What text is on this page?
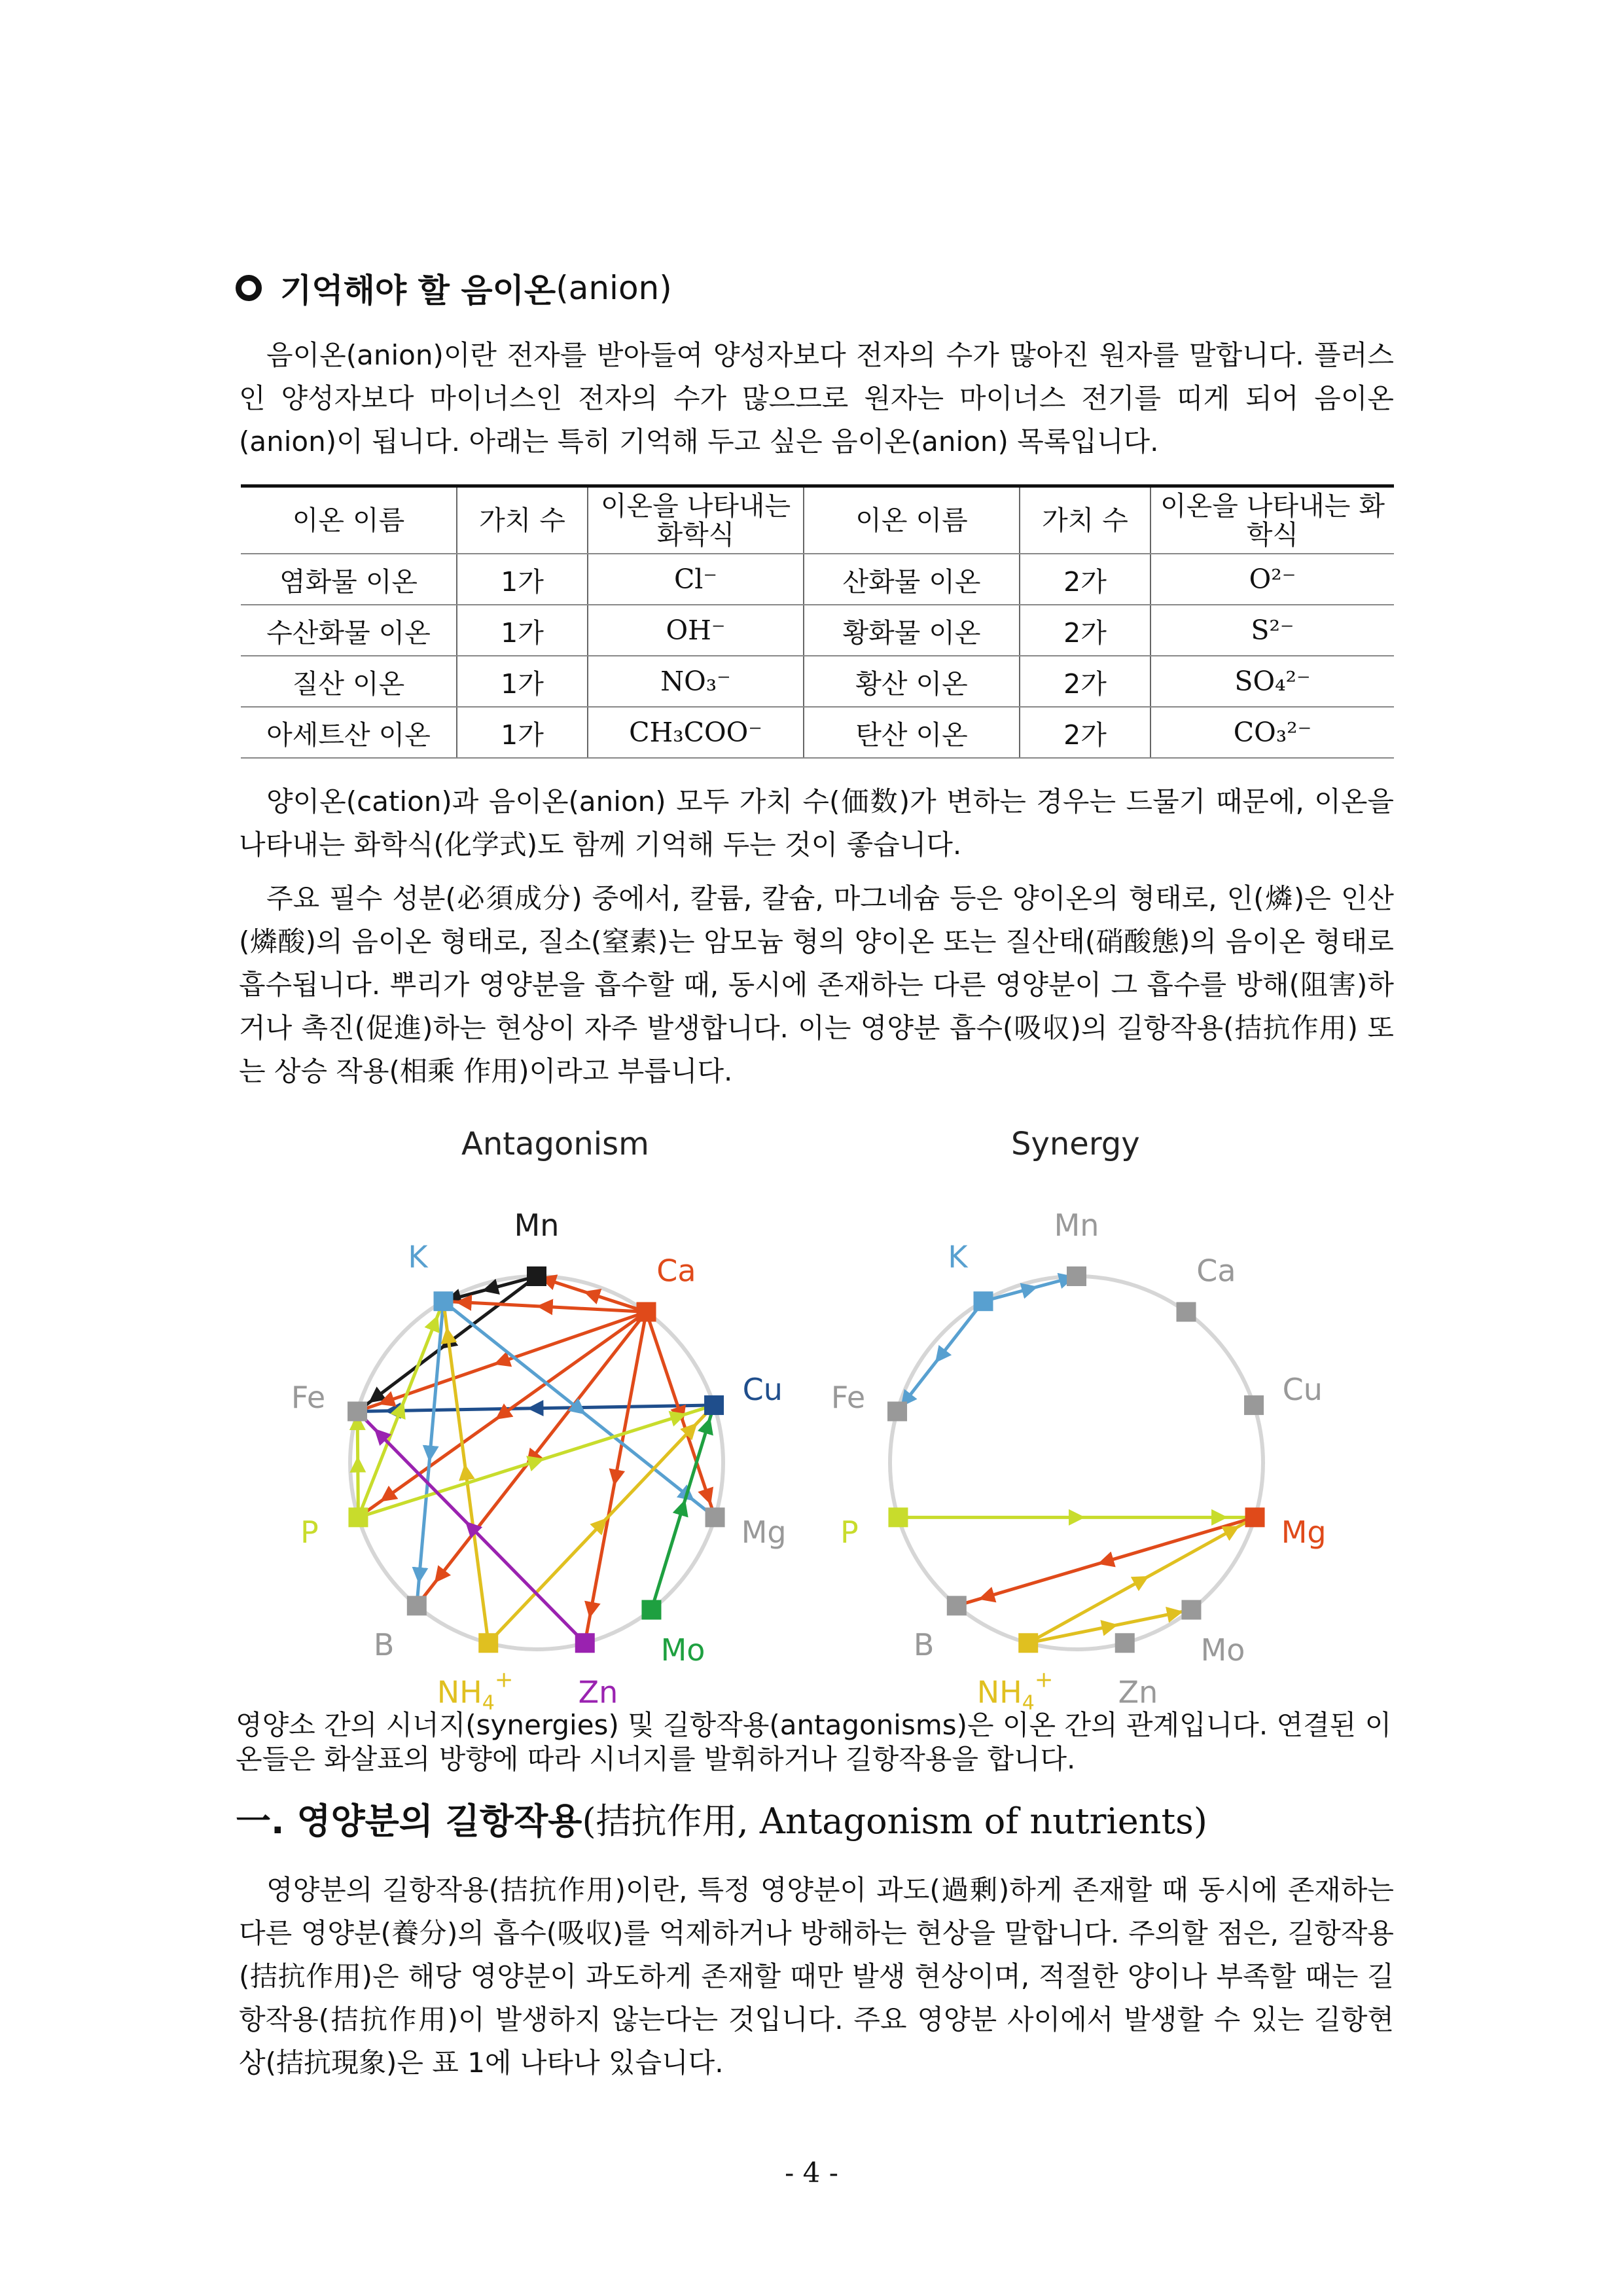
기억해야 할 음이온 (anion)

음이온(anion)이란 전자를 받아들여 양성자보다 전자의 수가 많아진 원자를 말합니다. 플러스인 양성자보다 마이너스인 전자의 수가 많으므로 원자는 마이너스 전기를 띠게 되어 음이온(anion)이 됩니다. 아래는 특히 기억해 두고 싶은 음이온(anion) 목록입니다.

이온 이름	가치 수	이온을 나타내는 화학식	이온 이름	가치 수	이온을 나타내는 화학식
염화물 이온	1가	Cl⁻	산화물 이온	2가	O²⁻
수산화물 이온	1가	OH⁻	황화물 이온	2가	S²⁻
질산 이온	1가	NO₃⁻	황산 이온	2가	SO₄²⁻
아세트산 이온	1가	CH₃COO⁻	탄산 이온	2가	CO₃²⁻

양이온(cation)과 음이온(anion) 모두 가치 수(価数)가 변하는 경우는 드물기 때문에, 이온을 나타내는 화학식(化学式)도 함께 기억해 두는 것이 좋습니다.

주요 필수 성분(必須成分) 중에서, 칼륨, 칼슘, 마그네슘 등은 양이온의 형태로, 인(燐)은 인산(燐酸)의 음이온 형태로, 질소(窒素)는 암모늄 형의 양이온 또는 질산태(硝酸態)의 음이온 형태로 흡수됩니다. 뿌리가 영양분을 흡수할 때, 동시에 존재하는 다른 영양분이 그 흡수를 방해(阻害)하거나 촉진(促進)하는 현상이 자주 발생합니다. 이는 영양분 흡수(吸収)의 길항작용(拮抗作用) 또는 상승 작용(相乘 作用)이라고 부릅니다.

Antagonism	Synergy
Mn
Ca
Cu
Mg
Mo
Zn
$NH_4^+$
B
P
Fe
K
Mn
Ca
Cu
Mg
Mo
Zn
$NH_4^+$
B
P
Fe
K

영양소 간의 시너지(synergies) 및 길항작용(antagonisms)은 이온 간의 관계입니다. 연결된 이온들은 화살표의 방향에 따라 시너지를 발휘하거나 길항작용을 합니다.

一. 영양분의 길항작용(拮抗作用, Antagonism of nutrients)

영양분의 길항작용(拮抗作用)이란, 특정 영양분이 과도(過剰)하게 존재할 때 동시에 존재하는 다른 영양분(養分)의 흡수(吸収)를 억제하거나 방해하는 현상을 말합니다. 주의할 점은, 길항작용(拮抗作用)은 해당 영양분이 과도하게 존재할 때만 발생 현상이며, 적절한 양이나 부족할 때는 길항작용(拮抗作用)이 발생하지 않는다는 것입니다. 주요 영양분 사이에서 발생할 수 있는 길항현상(拮抗現象)은 표 1에 나타나 있습니다.

- 4 -
